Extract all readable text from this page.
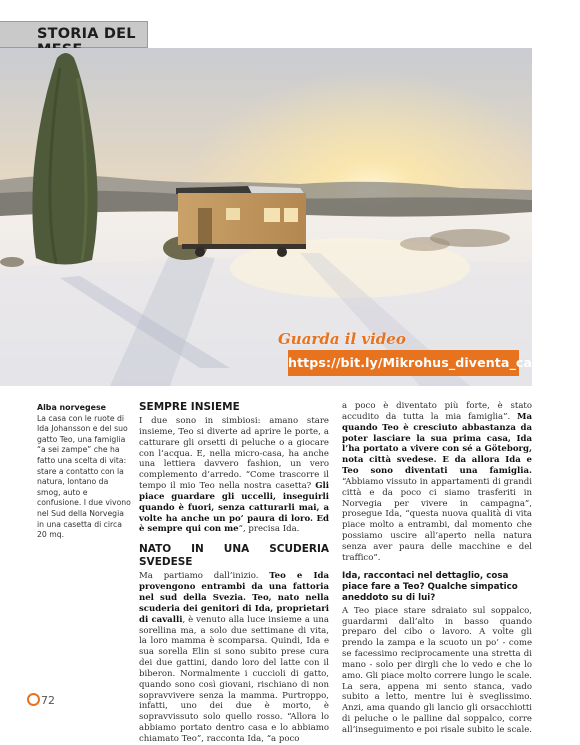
STORIA DEL
Guarda il video
https://bit.ly/Mikrohus_diventa_casa
Alba norvegese
La casa con le ruote di Ida Johansson e del suo gatto Teo, una famiglia “a sei zampe” che ha fatto una scelta di vita: stare a contatto con la natura, lontano da smog, auto e confusione. I due vivono nel Sud della Norvegia in una casetta di circa 20 mq.
SEMPRE INSIEME

I due sono in simbiosi: amano stare insieme, Teo si diverte ad aprire le porte, a catturare gli orsetti di peluche o a giocare con l’acqua. E, nella micro-casa, ha anche una lettiera davvero fashion, un vero complemento d’arredo. “Come trascorre il tempo il mio Teo nella nostra casetta? Gli piace guardare gli uccelli, inseguirli quando è fuori, senza catturarli mai, a volte ha anche un po’ paura di loro. Ed è sempre qui con me”, precisa Ida.

NATO IN UNA SCUDERIA SVEDESE

Ma partiamo dall’inizio. Teo e Ida provengono entrambi da una fattoria nel sud della Svezia. Teo, nato nella scuderia dei genitori di Ida, proprietari di cavalli, è venuto alla luce insieme a una sorellina ma, a solo due settimane di vita, la loro mamma è scomparsa. Quindi, Ida e sua sorella Elin si sono subito prese cura dei due gattini, dando loro del latte con il biberon. Normalmente i cuccioli di gatto, quando sono così giovani, rischiano di non sopravvivere senza la mamma. Purtroppo, infatti, uno dei due è morto, è sopravvissuto solo quello rosso. “Allora lo abbiamo portato dentro casa e lo abbiamo chiamato Teo”, racconta Ida, “a poco

a poco è diventato più forte, è stato accudito da tutta la mia famiglia”. Ma quando Teo è cresciuto abbastanza da poter lasciare la sua prima casa, Ida l’ha portato a vivere con sé a Göteborg, nota città svedese. E da allora Ida e Teo sono diventati una famiglia. “Abbiamo vissuto in appartamenti di grandi città e da poco ci siamo trasferiti in Norvegia per vivere in campagna”, prosegue Ida, “questa nuova qualità di vita piace molto a entrambi, dal momento che possiamo uscire all’aperto nella natura senza aver paura delle macchine e del traffico”.

Ida, raccontaci nel dettaglio, cosa piace fare a Teo? Qualche simpatico aneddoto su di lui?

A Teo piace stare sdraiato sul soppalco, guardarmi dall’alto in basso quando preparo del cibo o lavoro. A volte gli prendo la zampa e la scuoto un po’ - come se facessimo reciprocamente una stretta di mano - solo per dirgli che lo vedo e che lo amo. Gli piace molto correre lungo le scale. La sera, appena mi sento stanca, vado subito a letto, mentre lui è sveglissimo. Anzi, ama quando gli lancio gli orsacchiotti di peluche o le palline dal soppalco, corre all’inseguimento e poi risale subito le scale.

72
